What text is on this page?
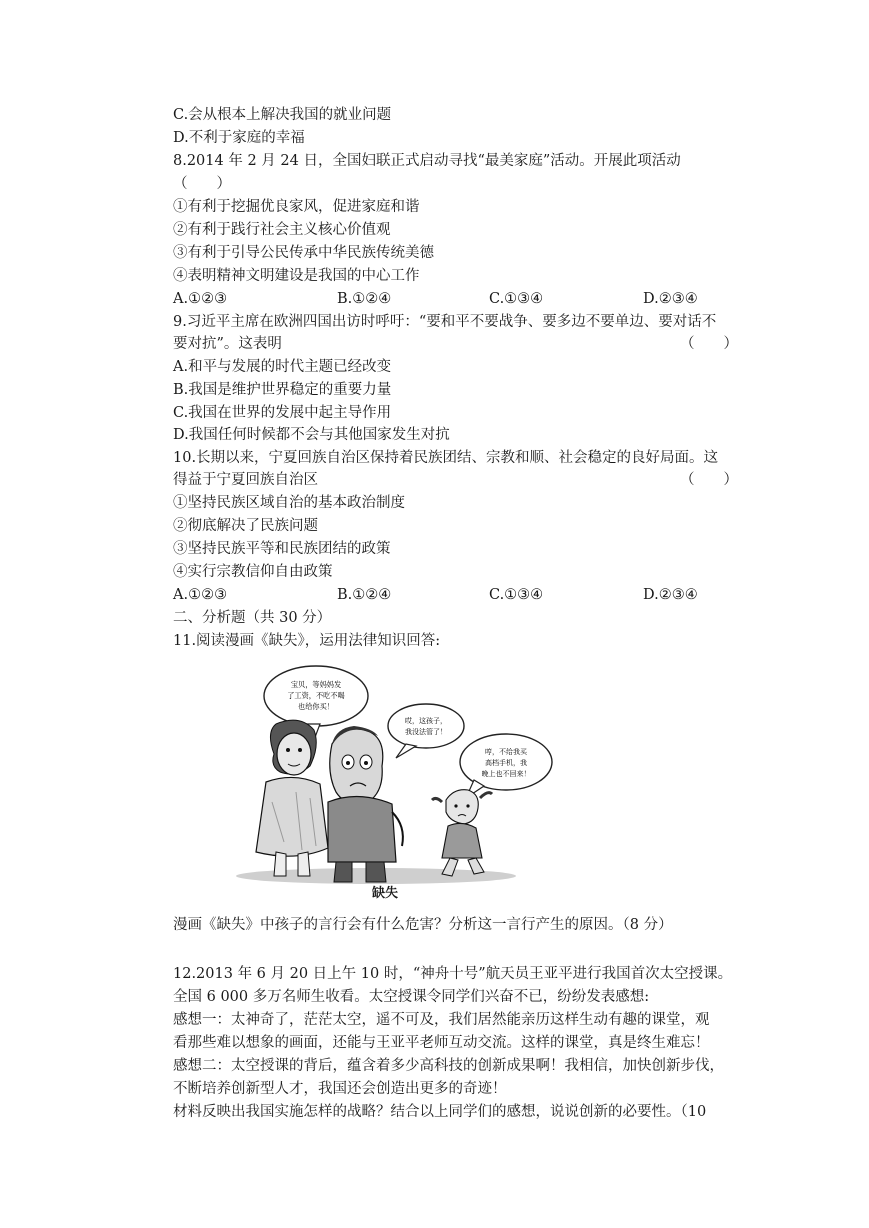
C.会从根本上解决我国的就业问题
D.不利于家庭的幸福
8.2014 年 2 月 24 日，全国妇联正式启动寻找“最美家庭”活动。开展此项活动
（　　）
①有利于挖掘优良家风，促进家庭和谐
②有利于践行社会主义核心价值观
③有利于引导公民传承中华民族传统美德
④表明精神文明建设是我国的中心工作
A.①②③	B.①②④	C.①③④	D.②③④
9.习近平主席在欧洲四国出访时呼吁：“要和平不要战争、要多边不要单边、要对话不
要对抗”。这表明	（　　）
A.和平与发展的时代主题已经改变
B.我国是维护世界稳定的重要力量
C.我国在世界的发展中起主导作用
D.我国任何时候都不会与其他国家发生对抗
10.长期以来，宁夏回族自治区保持着民族团结、宗教和顺、社会稳定的良好局面。这
得益于宁夏回族自治区	（　　）
①坚持民族区域自治的基本政治制度
②彻底解决了民族问题
③坚持民族平等和民族团结的政策
④实行宗教信仰自由政策
A.①②③	B.①②④	C.①③④	D.②③④
二、分析题（共 30 分）
11.阅读漫画《缺失》，运用法律知识回答:
宝贝，等妈妈发
了工资，不吃不喝
也给你买！
哎，这孩子，
我没法管了！
哼，不给我买
高档手机，我
晚上也不回来！
缺失
漫画《缺失》中孩子的言行会有什么危害？分析这一言行产生的原因。（8 分）
12.2013 年 6 月 20 日上午 10 时，“神舟十号”航天员王亚平进行我国首次太空授课。
全国 6 000 多万名师生收看。太空授课令同学们兴奋不已，纷纷发表感想:
感想一：太神奇了，茫茫太空，遥不可及，我们居然能亲历这样生动有趣的课堂，观
看那些难以想象的画面，还能与王亚平老师互动交流。这样的课堂，真是终生难忘！
感想二：太空授课的背后，蕴含着多少高科技的创新成果啊！我相信，加快创新步伐，
不断培养创新型人才，我国还会创造出更多的奇迹！
材料反映出我国实施怎样的战略？结合以上同学们的感想，说说创新的必要性。（10
